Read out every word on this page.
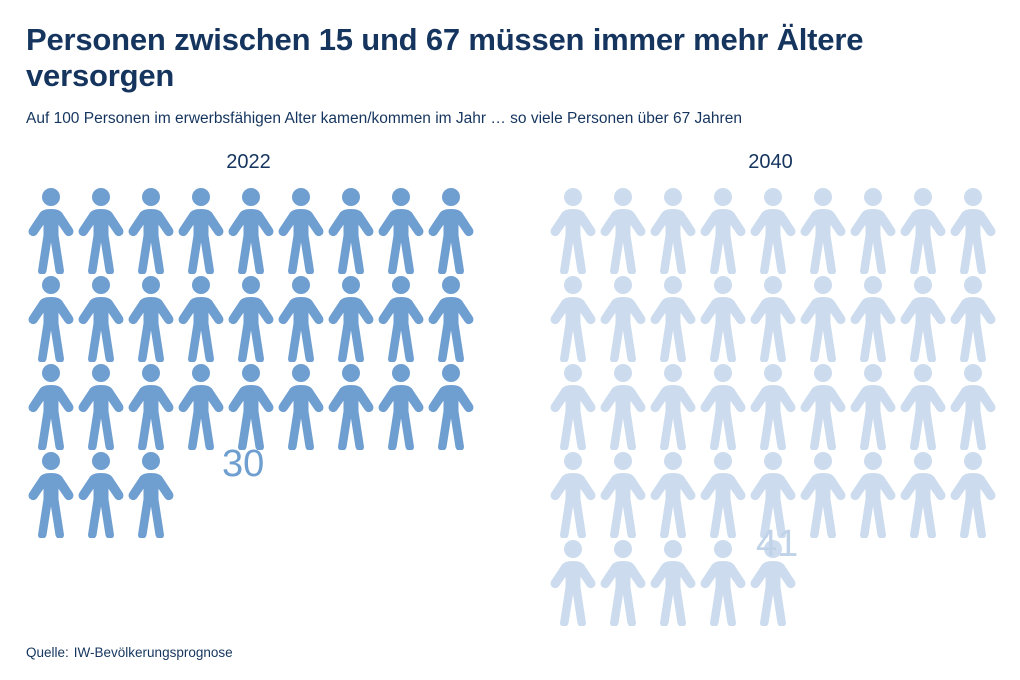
Personen zwischen 15 und 67 müssen immer mehr Ältere versorgen
Auf 100 Personen im erwerbsfähigen Alter kamen/kommen im Jahr … so viele Personen über 67 Jahren
2022	2040
30
41
Quelle: IW-Bevölkerungsprognose
